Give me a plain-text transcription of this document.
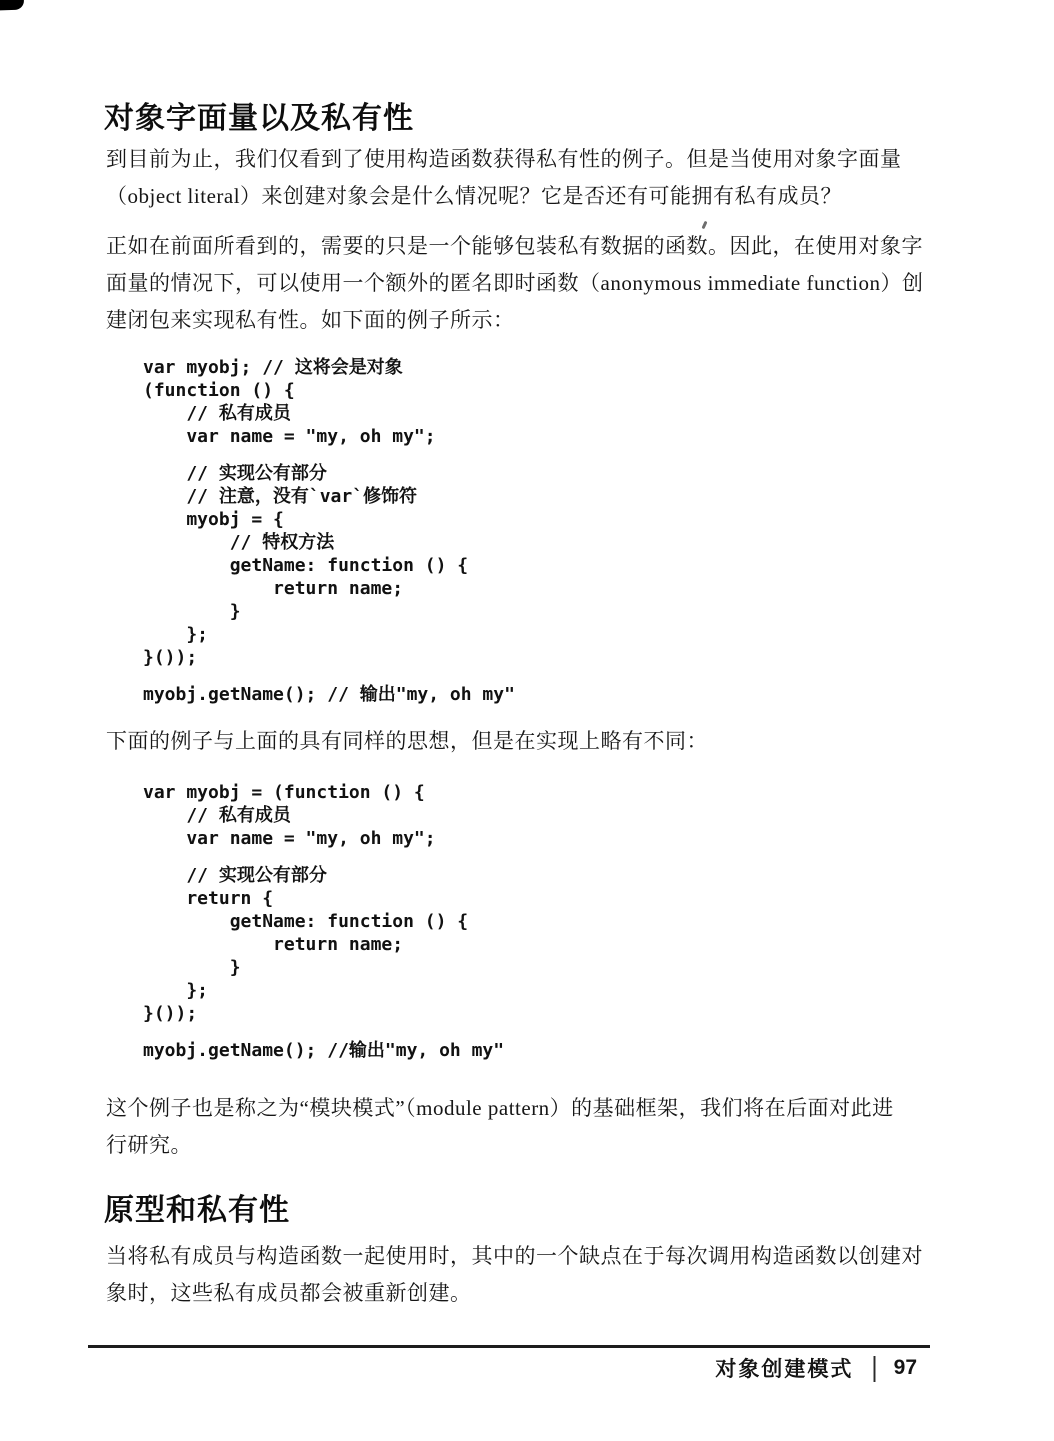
对象字面量以及私有性
到目前为止，我们仅看到了使用构造函数获得私有性的例子。但是当使用对象字面量
（object literal）来创建对象会是什么情况呢？它是否还有可能拥有私有成员？
正如在前面所看到的，需要的只是一个能够包装私有数据的函数。因此，在使用对象字
面量的情况下，可以使用一个额外的匿名即时函数（anonymous immediate function）创
建闭包来实现私有性。如下面的例子所示：
var myobj; // 这将会是对象
(function () {
// 私有成员
var name = "my, oh my";
// 实现公有部分
// 注意，没有`var`修饰符
myobj = {
// 特权方法
getName: function () {
return name;
}
};
}());
myobj.getName(); // 输出"my, oh my"
下面的例子与上面的具有同样的思想，但是在实现上略有不同：
var myobj = (function () {
// 私有成员
var name = "my, oh my";
// 实现公有部分
return {
getName: function () {
return name;
}
};
}());
myobj.getName(); //输出"my, oh my"
这个例子也是称之为“模块模式”（module pattern）的基础框架，我们将在后面对此进
行研究。
原型和私有性
当将私有成员与构造函数一起使用时，其中的一个缺点在于每次调用构造函数以创建对
象时，这些私有成员都会被重新创建。
对象创建模式 | 97
